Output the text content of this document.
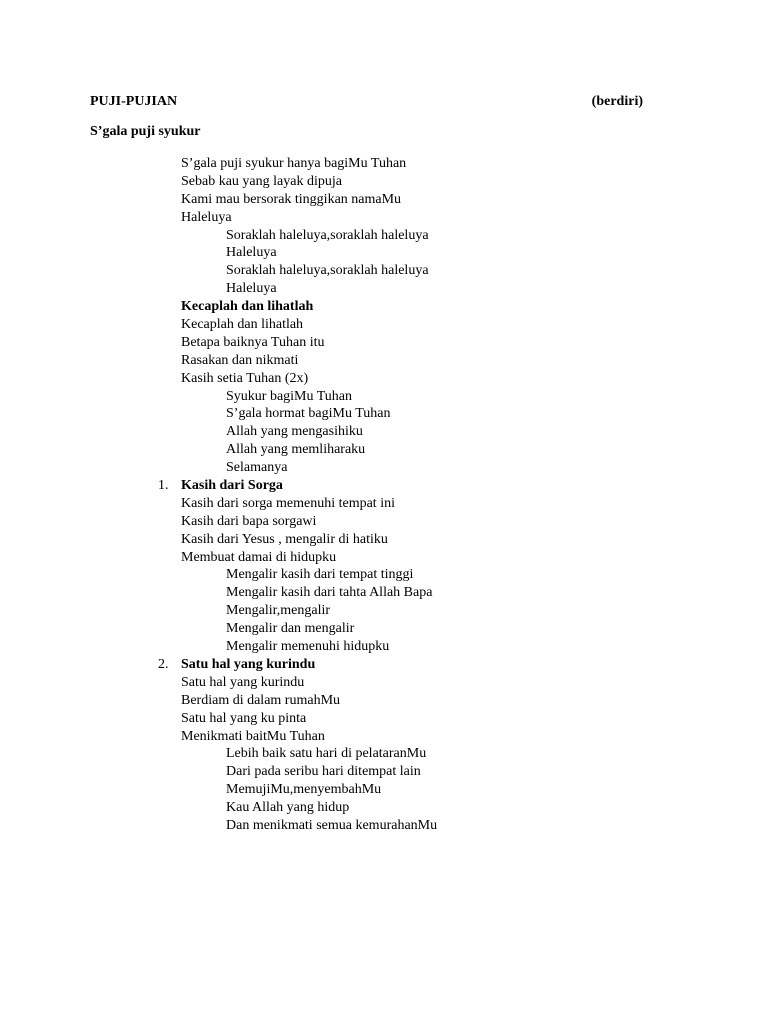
PUJI-PUJIAN	(berdiri)
S’gala puji syukur
S’gala puji syukur hanya bagiMu Tuhan
Sebab kau yang layak dipuja
Kami mau bersorak tinggikan namaMu
Haleluya
Soraklah haleluya,soraklah haleluya
Haleluya
Soraklah haleluya,soraklah haleluya
Haleluya
Kecaplah dan lihatlah
Kecaplah dan lihatlah
Betapa baiknya Tuhan itu
Rasakan dan nikmati
Kasih setia Tuhan (2x)
Syukur bagiMu Tuhan
S’gala hormat bagiMu Tuhan
Allah yang mengasihiku
Allah yang memliharaku
Selamanya
1. Kasih dari Sorga
Kasih dari sorga memenuhi tempat ini
Kasih dari bapa sorgawi
Kasih dari Yesus , mengalir di hatiku
Membuat damai di hidupku
Mengalir kasih dari tempat tinggi
Mengalir kasih dari tahta Allah Bapa
Mengalir,mengalir
Mengalir dan mengalir
Mengalir memenuhi hidupku
2. Satu hal yang kurindu
Satu hal yang kurindu
Berdiam di dalam rumahMu
Satu hal yang ku pinta
Menikmati baitMu Tuhan
Lebih baik satu hari di pelataranMu
Dari pada seribu hari ditempat lain
MemujiMu,menyembahMu
Kau Allah yang hidup
Dan menikmati semua kemurahanMu
